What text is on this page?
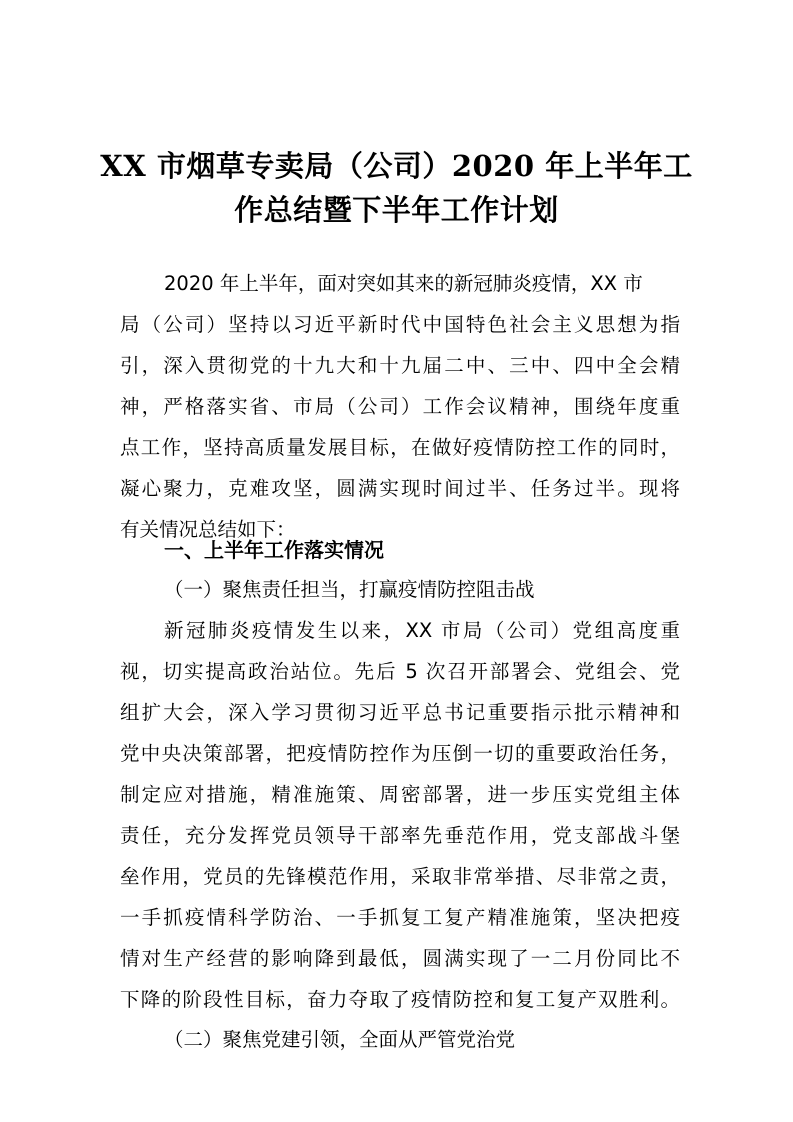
XX 市烟草专卖局（公司）2020 年上半年工
作总结暨下半年工作计划
2020 年上半年，面对突如其来的新冠肺炎疫情，XX 市
局（公司）坚持以习近平新时代中国特色社会主义思想为指
引，深入贯彻党的十九大和十九届二中、三中、四中全会精
神，严格落实省、市局（公司）工作会议精神，围绕年度重
点工作，坚持高质量发展目标，在做好疫情防控工作的同时，
凝心聚力，克难攻坚，圆满实现时间过半、任务过半。现将
有关情况总结如下：
一、上半年工作落实情况
（一）聚焦责任担当，打赢疫情防控阻击战
新冠肺炎疫情发生以来，XX 市局（公司）党组高度重
视，切实提高政治站位。先后 5 次召开部署会、党组会、党
组扩大会，深入学习贯彻习近平总书记重要指示批示精神和
党中央决策部署，把疫情防控作为压倒一切的重要政治任务，
制定应对措施，精准施策、周密部署，进一步压实党组主体
责任，充分发挥党员领导干部率先垂范作用，党支部战斗堡
垒作用，党员的先锋模范作用，采取非常举措、尽非常之责，
一手抓疫情科学防治、一手抓复工复产精准施策，坚决把疫
情对生产经营的影响降到最低，圆满实现了一二月份同比不
下降的阶段性目标，奋力夺取了疫情防控和复工复产双胜利。
（二）聚焦党建引领，全面从严管党治党
